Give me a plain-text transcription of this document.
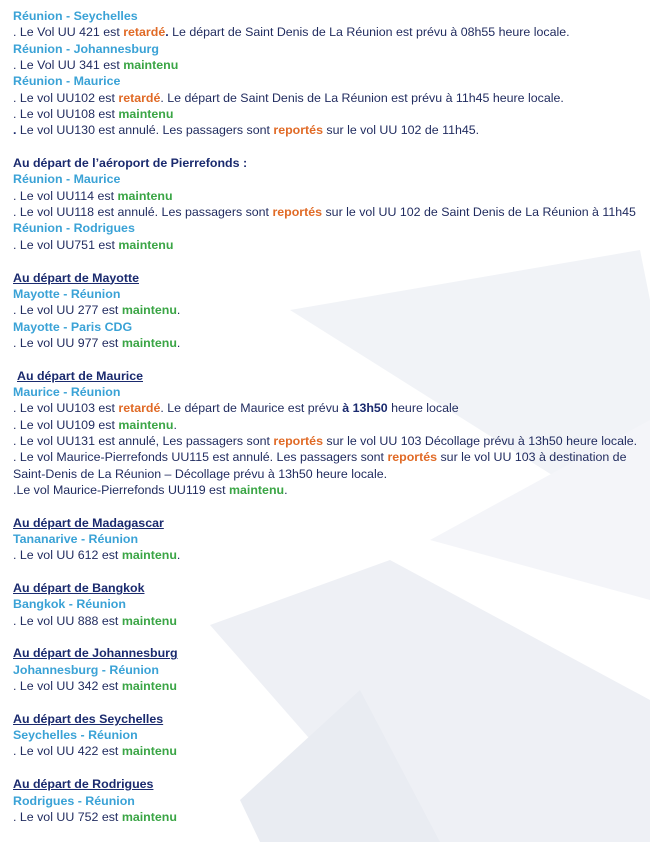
Réunion - Seychelles
. Le Vol UU 421 est retardé. Le départ de Saint Denis de La Réunion est prévu à 08h55 heure locale.
Réunion - Johannesburg
. Le Vol UU 341 est maintenu
Réunion - Maurice
. Le vol UU102 est retardé. Le départ de Saint Denis de La Réunion est prévu à 11h45 heure locale.
. Le vol UU108 est maintenu
. Le vol UU130 est annulé. Les passagers sont reportés sur le vol UU 102 de 11h45.
Au départ de l’aéroport de Pierrefonds :
Réunion - Maurice
. Le vol UU114 est maintenu
. Le vol UU118 est annulé. Les passagers sont reportés sur le vol UU 102 de Saint Denis de La Réunion à 11h45
Réunion - Rodrigues
. Le vol UU751 est maintenu
Au départ de Mayotte
Mayotte - Réunion
. Le vol UU 277 est maintenu.
Mayotte - Paris CDG
. Le vol UU 977 est maintenu.
Au départ de Maurice
Maurice - Réunion
. Le vol UU103 est retardé. Le départ de Maurice est prévu à 13h50 heure locale
. Le vol UU109 est maintenu.
. Le vol UU131 est annulé, Les passagers sont reportés sur le vol UU 103 Décollage prévu à 13h50 heure locale.
. Le vol Maurice-Pierrefonds UU115 est annulé. Les passagers sont reportés sur le vol UU 103 à destination de
Saint-Denis de La Réunion – Décollage prévu à 13h50 heure locale.
.Le vol Maurice-Pierrefonds UU119 est maintenu.
Au départ de Madagascar
Tananarive - Réunion
. Le vol UU 612 est maintenu.
Au départ de Bangkok
Bangkok - Réunion
. Le vol UU 888 est maintenu
Au départ de Johannesburg
Johannesburg - Réunion
. Le vol UU 342 est maintenu
Au départ des Seychelles
Seychelles - Réunion
. Le vol UU 422 est maintenu
Au départ de Rodrigues
Rodrigues - Réunion
. Le vol UU 752 est maintenu
